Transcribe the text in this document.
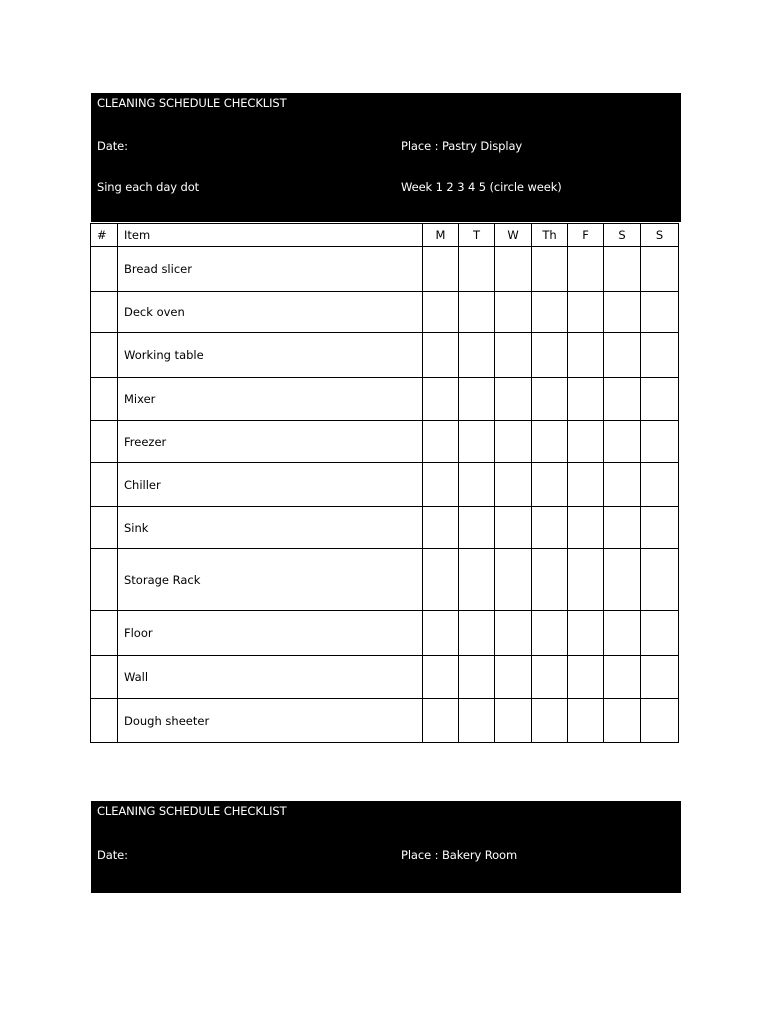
CLEANING SCHEDULE CHECKLIST
Date:	Place : Pastry Display
Sing each day dot	Week 1 2 3 4 5 (circle week)
#	Item	M	T	W	Th	F	S	S
	Bread slicer							
	Deck oven							
	Working table							
	Mixer							
	Freezer							
	Chiller							
	Sink							
	Storage Rack							
	Floor							
	Wall							
	Dough sheeter							
CLEANING SCHEDULE CHECKLIST
Date:	Place : Bakery Room
